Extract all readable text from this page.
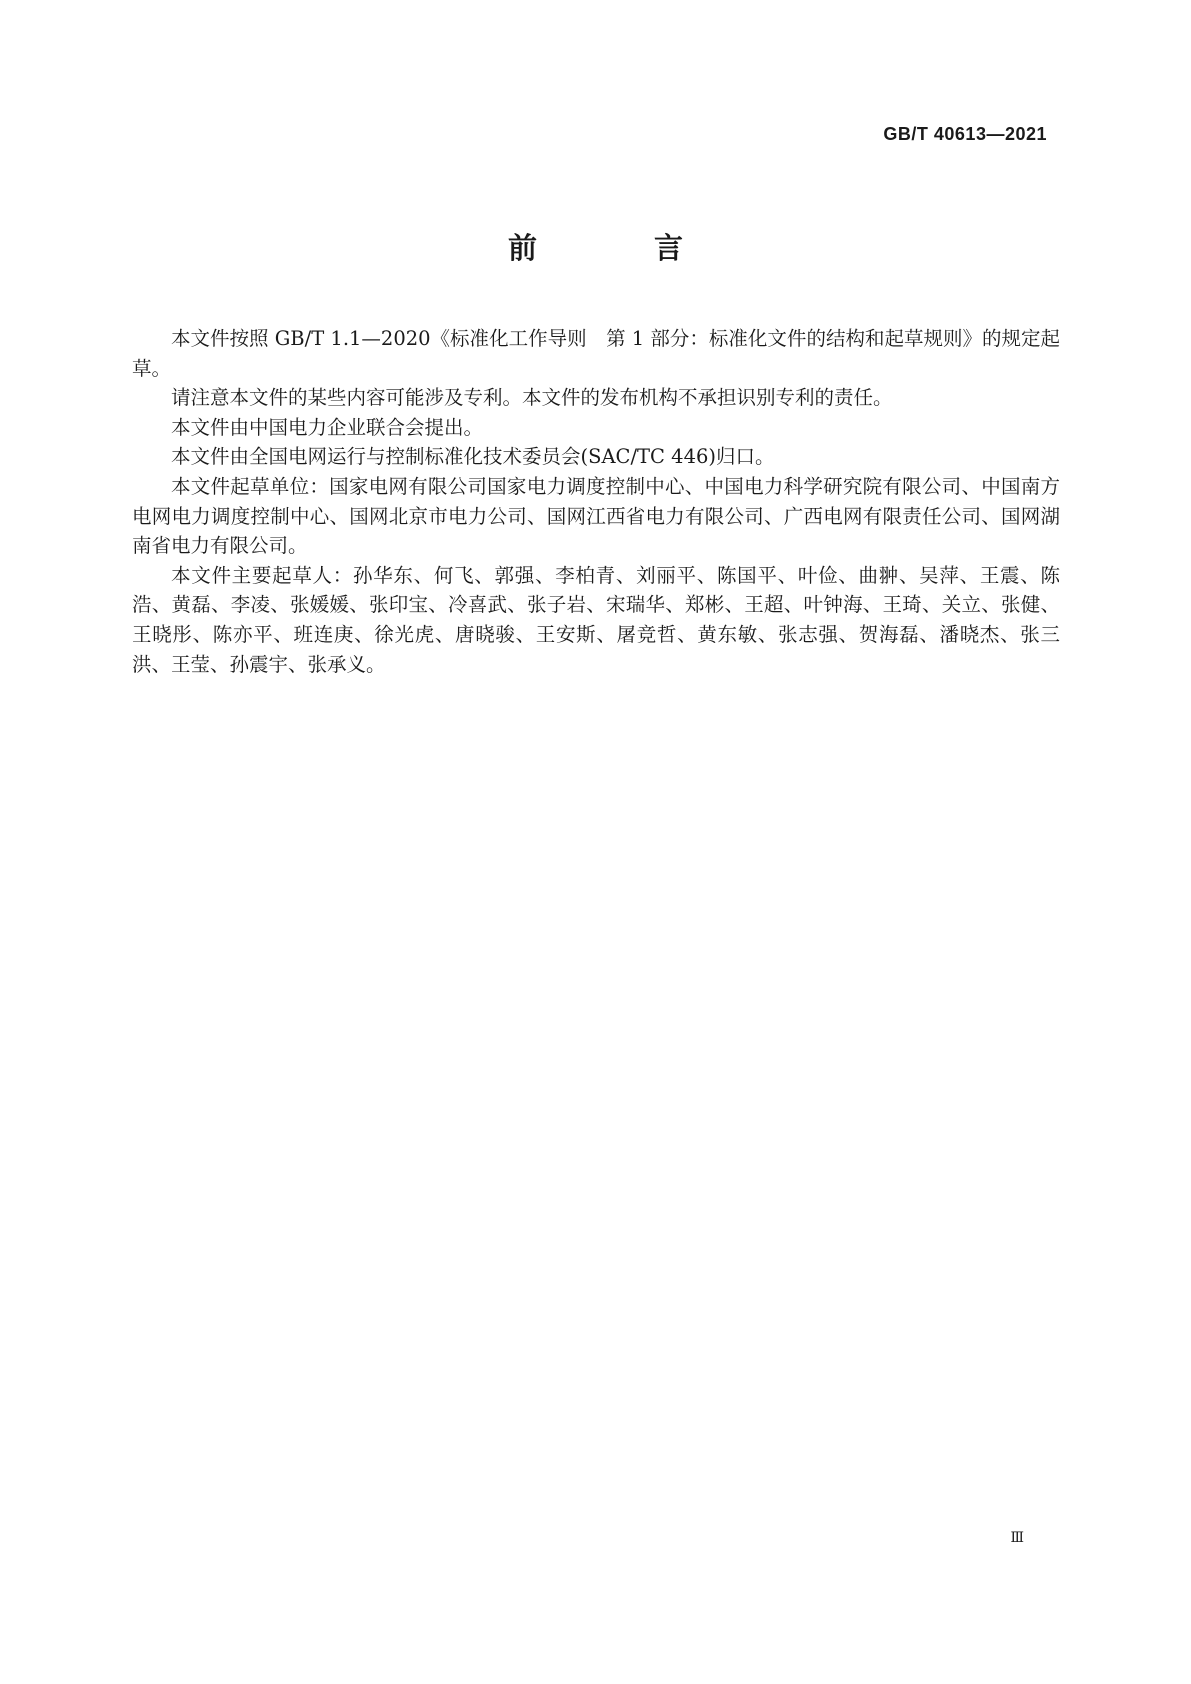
GB/T 40613—2021
前　言

本文件按照 GB/T 1.1—2020《标准化工作导则　第 1 部分：标准化文件的结构和起草规则》的规定起草。

请注意本文件的某些内容可能涉及专利。本文件的发布机构不承担识别专利的责任。

本文件由中国电力企业联合会提出。

本文件由全国电网运行与控制标准化技术委员会(SAC/TC 446)归口。

本文件起草单位：国家电网有限公司国家电力调度控制中心、中国电力科学研究院有限公司、中国南方电网电力调度控制中心、国网北京市电力公司、国网江西省电力有限公司、广西电网有限责任公司、国网湖南省电力有限公司。

本文件主要起草人：孙华东、何飞、郭强、李柏青、刘丽平、陈国平、叶俭、曲翀、吴萍、王震、陈浩、黄磊、李凌、张媛媛、张印宝、冷喜武、张子岩、宋瑞华、郑彬、王超、叶钟海、王琦、关立、张健、王晓彤、陈亦平、班连庚、徐光虎、唐晓骏、王安斯、屠竞哲、黄东敏、张志强、贺海磊、潘晓杰、张三洪、王莹、孙震宇、张承义。

Ⅲ
